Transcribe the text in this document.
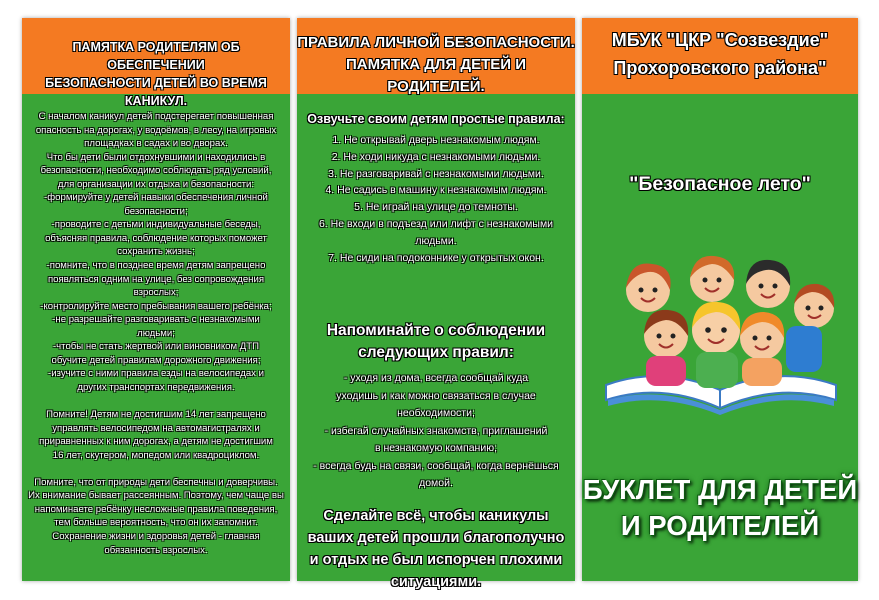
ПАМЯТКА РОДИТЕЛЯМ ОБ ОБЕСПЕЧЕНИИ
БЕЗОПАСНОСТИ ДЕТЕЙ ВО ВРЕМЯ КАНИКУЛ.
С началом каникул детей подстерегает повышенная
опасность на дорогах, у водоёмов, в лесу, на игровых
площадках в садах и во дворах.
Что бы дети были отдохнувшими и находились в
безопасности, необходимо соблюдать ряд условий,
для организации их отдыха и безопасности:
-формируйте у детей навыки обеспечения личной
безопасности;
-проводите с детьми индивидуальные беседы,
объясняя правила, соблюдение которых поможет
сохранить жизнь;
-помните, что в позднее время детям запрещено
появляться одним на улице, без сопровождения
взрослых;
-контролируйте место пребывания вашего ребёнка;
-не разрешайте разговаривать с незнакомыми
людьми;
-чтобы не стать жертвой или виновником ДТП
обучите детей правилам дорожного движения;
-изучите с ними правила езды на велосипедах и
других транспортах передвижения.

Помните! Детям не достигшим 14 лет запрещено
управлять велосипедом на автомагистралях и
приравненных к ним дорогах, а детям не достигшим
16 лет, скутером, мопедом или квадроциклом.

Помните, что от природы дети беспечны и доверчивы.
Их внимание бывает рассеянным. Поэтому, чем чаще вы
напоминаете ребёнку несложные правила поведения,
тем больше вероятность, что он их запомнит.
Сохранение жизни и здоровья детей - главная
обязанность взрослых.
ПРАВИЛА ЛИЧНОЙ БЕЗОПАСНОСТИ.
ПАМЯТКА ДЛЯ ДЕТЕЙ И РОДИТЕЛЕЙ.
Озвучьте своим детям простые правила:
1. Не открывай дверь незнакомым людям.
2. Не ходи никуда с незнакомыми людьми.
3. Не разговаривай с незнакомыми людьми.
4. Не садись в машину к незнакомым людям.
5. Не играй на улице до темноты.
6. Не входи в подъезд или лифт с незнакомыми
людьми.
7. Не сиди на подоконнике у открытых окон.
Напоминайте о соблюдении
следующих правил:
- уходя из дома, всегда сообщай куда
уходишь и как можно связаться в случае
необходимости;
- избегай случайных знакомств, приглашений
в незнакомую компанию;
- всегда будь на связи, сообщай, когда вернёшься
домой.
Сделайте всё, чтобы каникулы
ваших детей прошли благополучно
и отдых не был испорчен плохими
ситуациями.
МБУК "ЦКР "Созвездие"
Прохоровского района"
"Безопасное лето"
БУКЛЕТ ДЛЯ ДЕТЕЙ
И РОДИТЕЛЕЙ
